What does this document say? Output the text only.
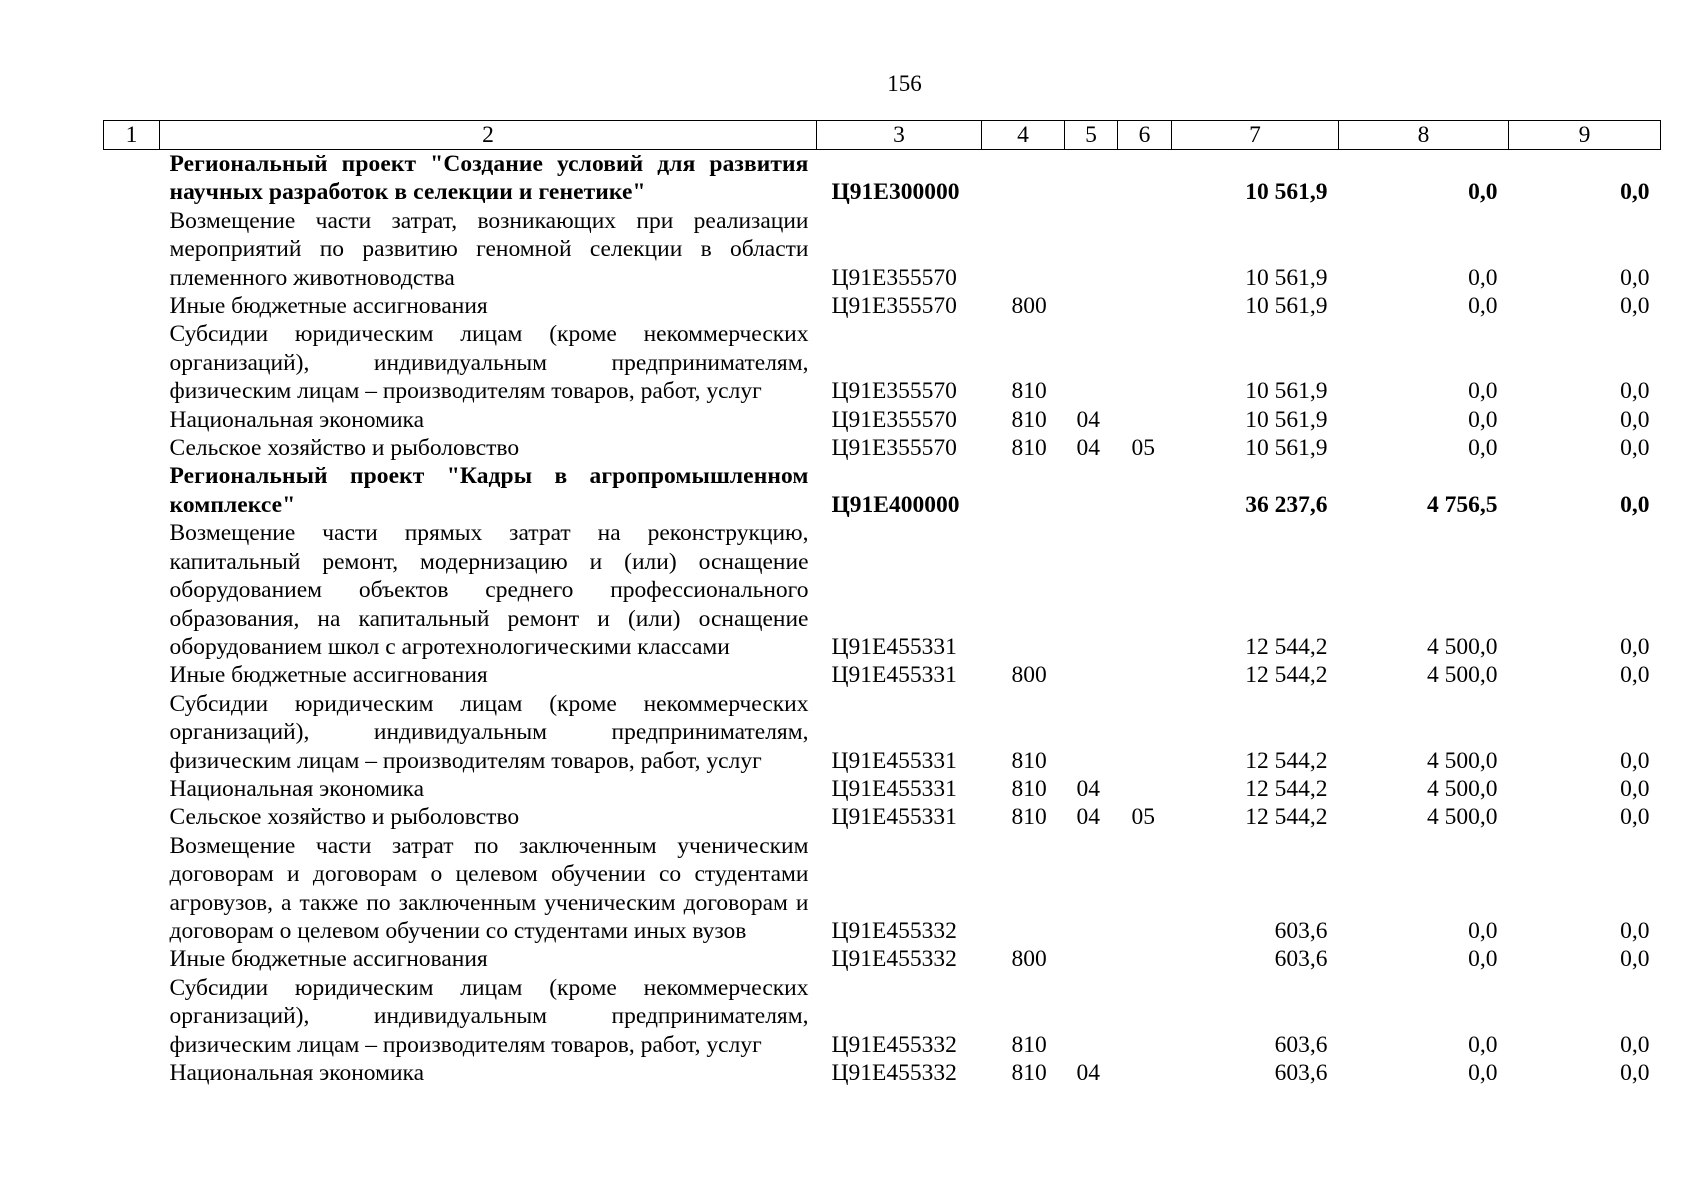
156
1	2	3	4	5	6	7	8	9
	Региональный проект "Создание условий для развития научных разработок в селекции и генетике"	Ц91Е300000				10 561,9	0,0	0,0
	Возмещение части затрат, возникающих при реализации мероприятий по развитию геномной селекции в области племенного животноводства	Ц91Е355570				10 561,9	0,0	0,0
	Иные бюджетные ассигнования	Ц91Е355570	800			10 561,9	0,0	0,0
	Субсидии юридическим лицам (кроме некоммерческих организаций), индивидуальным предпринимателям, физическим лицам – производителям товаров, работ, услуг	Ц91Е355570	810			10 561,9	0,0	0,0
	Национальная экономика	Ц91Е355570	810	04		10 561,9	0,0	0,0
	Сельское хозяйство и рыболовство	Ц91Е355570	810	04	05	10 561,9	0,0	0,0
	Региональный проект "Кадры в агропромышленном комплексе"	Ц91Е400000				36 237,6	4 756,5	0,0
	Возмещение части прямых затрат на реконструкцию, капитальный ремонт, модернизацию и (или) оснащение оборудованием объектов среднего профессионального образования, на капитальный ремонт и (или) оснащение оборудованием школ с агротехнологическими классами	Ц91Е455331				12 544,2	4 500,0	0,0
	Иные бюджетные ассигнования	Ц91Е455331	800			12 544,2	4 500,0	0,0
	Субсидии юридическим лицам (кроме некоммерческих организаций), индивидуальным предпринимателям, физическим лицам – производителям товаров, работ, услуг	Ц91Е455331	810			12 544,2	4 500,0	0,0
	Национальная экономика	Ц91Е455331	810	04		12 544,2	4 500,0	0,0
	Сельское хозяйство и рыболовство	Ц91Е455331	810	04	05	12 544,2	4 500,0	0,0
	Возмещение части затрат по заключенным ученическим договорам и договорам о целевом обучении со студентами агровузов, а также по заключенным ученическим договорам и договорам о целевом обучении со студентами иных вузов	Ц91Е455332				603,6	0,0	0,0
	Иные бюджетные ассигнования	Ц91Е455332	800			603,6	0,0	0,0
	Субсидии юридическим лицам (кроме некоммерческих организаций), индивидуальным предпринимателям, физическим лицам – производителям товаров, работ, услуг	Ц91Е455332	810			603,6	0,0	0,0
	Национальная экономика	Ц91Е455332	810	04		603,6	0,0	0,0
